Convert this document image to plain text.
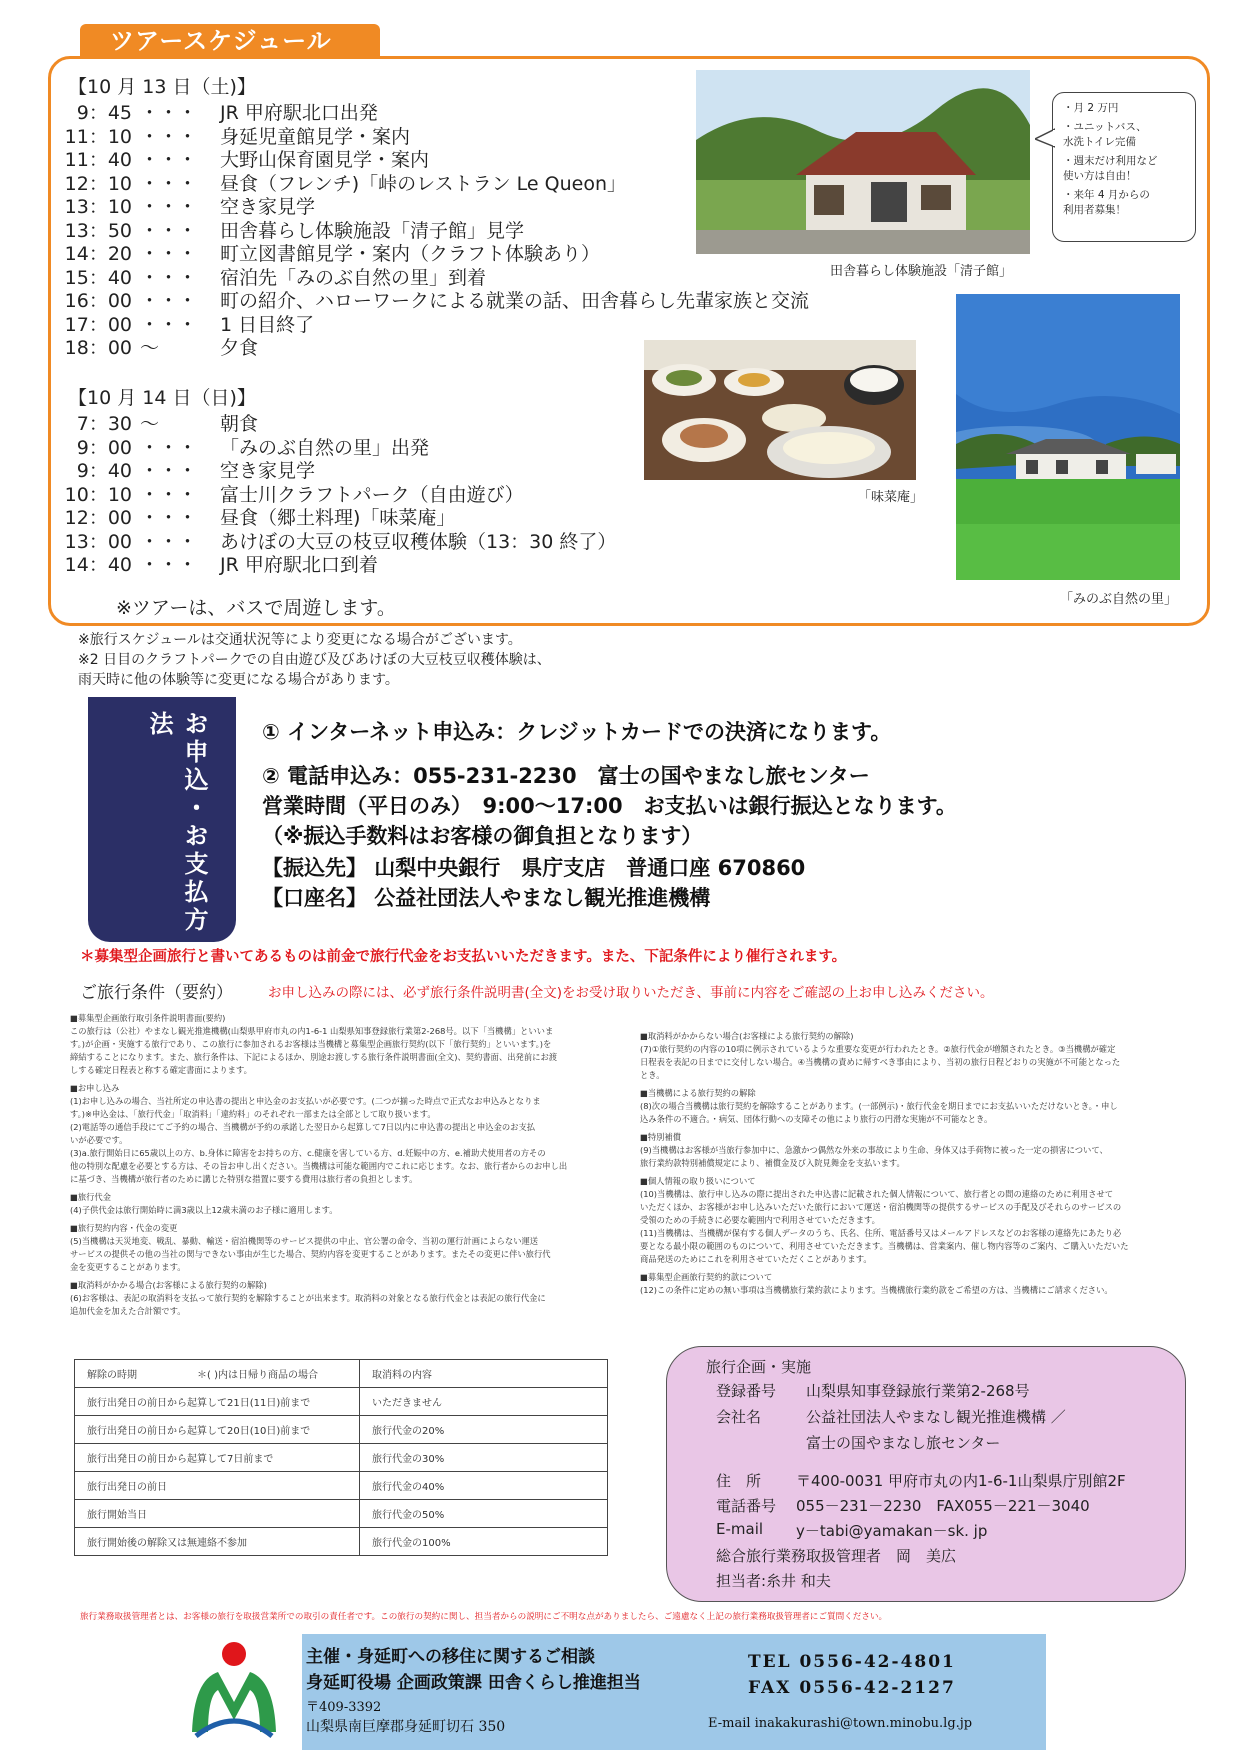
ツアースケジュール
【10 月 13 日（土)】
9：45 ・・・ JR 甲府駅北口出発
11：10 ・・・ 身延児童館見学・案内
11：40 ・・・ 大野山保育園見学・案内
12：10 ・・・ 昼食（フレンチ)「峠のレストラン Le Queon」
13：10 ・・・ 空き家見学
13：50 ・・・ 田舎暮らし体験施設「清子館」見学
14：20 ・・・ 町立図書館見学・案内（クラフト体験あり）
15：40 ・・・ 宿泊先「みのぶ自然の里」到着
16：00 ・・・ 町の紹介、ハローワークによる就業の話、田舎暮らし先輩家族と交流
17：00 ・・・ 1 日目終了
18：00 ～	夕食
【10 月 14 日（日)】
7：30 ～	朝食
9：00 ・・・ 「みのぶ自然の里」出発
9：40 ・・・ 空き家見学
10：10 ・・・ 富士川クラフトパーク（自由遊び）
12：00 ・・・ 昼食（郷土料理)「味菜庵」
13：00 ・・・ あけぼの大豆の枝豆収穫体験（13：30 終了）
14：40 ・・・ JR 甲府駅北口到着
※ツアーは、バスで周遊します。
田舎暮らし体験施設「清子館」
・月 2 万円
・ユニットバス、
水洗トイレ完備
・週末だけ利用など
使い方は自由！
・来年 4 月からの
利用者募集！
「味菜庵」
「みのぶ自然の里」
※旅行スケジュールは交通状況等により変更になる場合がございます。
※2 日目のクラフトパークでの自由遊び及びあけぼの大豆枝豆収穫体験は、
雨天時に他の体験等に変更になる場合があります。
お申込・お支払方法	① インターネット申込み：クレジットカードでの決済になります。
② 電話申込み：055-231-2230　富士の国やまなし旅センター
営業時間（平日のみ）　9:00～17:00　お支払いは銀行振込となります。
（※振込手数料はお客様の御負担となります）
【振込先】 山梨中央銀行　県庁支店　普通口座 670860
【口座名】 公益社団法人やまなし観光推進機構
＊募集型企画旅行と書いてあるものは前金で旅行代金をお支払いいただきます。また、下記条件により催行されます。
ご旅行条件（要約）	お申し込みの際には、必ず旅行条件説明書(全文)をお受け取りいただき、事前に内容をご確認の上お申し込みください。
■募集型企画旅行取引条件説明書面(要約)
この旅行は（公社）やまなし観光推進機構(山梨県甲府市丸の内1-6-1 山梨県知事登録旅行業第2-268号。以下「当機構」といいま
す。)が企画・実施する旅行であり、この旅行に参加されるお客様は当機構と募集型企画旅行契約(以下「旅行契約」といいます。)を
締結することになります。また、旅行条件は、下記によるほか、別途お渡しする旅行条件説明書面(全文)、契約書面、出発前にお渡
しする確定日程表と称する確定書面によります。
■お申し込み
(1)お申し込みの場合、当社所定の申込書の提出と申込金のお支払いが必要です。(二つが揃った時点で正式なお申込みとなりま
す。)※申込金は、「旅行代金」「取消料」「違約料」のそれぞれ一部または全部として取り扱います。
(2)電話等の通信手段にてご予約の場合、当機構が予約の承諾した翌日から起算して7日以内に申込書の提出と申込金のお支払
いが必要です。
(3)a.旅行開始日に65歳以上の方、b.身体に障害をお持ちの方、c.健康を害している方、d.妊娠中の方、e.補助犬使用者の方その
他の特別な配慮を必要とする方は、その旨お申し出ください。当機構は可能な範囲内でこれに応じます。なお、旅行者からのお申し出
に基づき、当機構が旅行者のために講じた特別な措置に要する費用は旅行者の負担とします。
■旅行代金
(4)子供代金は旅行開始時に満3歳以上12歳未満のお子様に適用します。
■旅行契約内容・代金の変更
(5)当機構は天災地変、戦乱、暴動、輸送・宿泊機関等のサービス提供の中止、官公署の命令、当初の運行計画によらない運送
サービスの提供その他の当社の関与できない事由が生じた場合、契約内容を変更することがあります。またその変更に伴い旅行代
金を変更することがあります。
■取消料がかかる場合(お客様による旅行契約の解除)
(6)お客様は、表記の取消料を支払って旅行契約を解除することが出来ます。取消料の対象となる旅行代金とは表記の旅行代金に
追加代金を加えた合計額です。
■取消料がかからない場合(お客様による旅行契約の解除)
(7)①旅行契約の内容の10項に例示されているような重要な変更が行われたとき。②旅行代金が増額されたとき。③当機構が確定
日程表を表記の日までに交付しない場合。④当機構の責めに帰すべき事由により、当初の旅行日程どおりの実施が不可能となった
とき。
■当機構による旅行契約の解除
(8)次の場合当機構は旅行契約を解除することがあります。(一部例示)・旅行代金を期日までにお支払いいただけないとき。・申し
込み条件の不適合。・病気、団体行動への支障その他により旅行の円滑な実施が不可能なとき。
■特別補償
(9)当機構はお客様が当旅行参加中に、急激かつ偶然な外来の事故により生命、身体又は手荷物に被った一定の損害について、
旅行業約款特別補償規定により、補償金及び入院見舞金を支払います。
■個人情報の取り扱いについて
(10)当機構は、旅行申し込みの際に提出された申込書に記載された個人情報について、旅行者との間の連絡のために利用させて
いただくほか、お客様がお申し込みいただいた旅行において運送・宿泊機関等の提供するサービスの手配及びそれらのサービスの
受領のための手続きに必要な範囲内で利用させていただきます。
(11)当機構は、当機構が保有する個人データのうち、氏名、住所、電話番号又はメールアドレスなどのお客様の連絡先にあたり必
要となる最小限の範囲のものについて、利用させていただきます。当機構は、営業案内、催し物内容等のご案内、ご購入いただいた
商品発送のためにこれを利用させていただくことがあります。
■募集型企画旅行契約約款について
(12)この条件に定めの無い事項は当機構旅行業約款によります。当機構旅行業約款をご希望の方は、当機構にご請求ください。
解除の時期 ＊( )内は日帰り商品の場合	取消料の内容
旅行出発日の前日から起算して21日(11日)前まで	いただきません
旅行出発日の前日から起算して20日(10日)前まで	旅行代金の20%
旅行出発日の前日から起算して7日前まで	旅行代金の30%
旅行出発日の前日	旅行代金の40%
旅行開始当日	旅行代金の50%
旅行開始後の解除又は無連絡不参加	旅行代金の100%
旅行企画・実施
登録番号 山梨県知事登録旅行業第2-268号
会社名	公益社団法人やまなし観光推進機構 ／
富士の国やまなし旅センター
住　所 〒400-0031 甲府市丸の内1-6-1山梨県庁別館2F
電話番号 055－231－2230　FAX055－221－3040
E-mail y－tabi@yamakan－sk. jp
総合旅行業務取扱管理者　岡　美広
担当者:糸井 和夫
旅行業務取扱管理者とは、お客様の旅行を取扱営業所での取引の責任者です。この旅行の契約に関し、担当者からの説明にご不明な点がありましたら、ご遠慮なく上記の旅行業務取扱管理者にご質問ください。
主催・身延町への移住に関するご相談
身延町役場 企画政策課 田舎くらし推進担当
〒409-3392
山梨県南巨摩郡身延町切石 350
TEL 0556-42-4801
FAX 0556-42-2127
E-mail inakakurashi@town.minobu.lg.jp
